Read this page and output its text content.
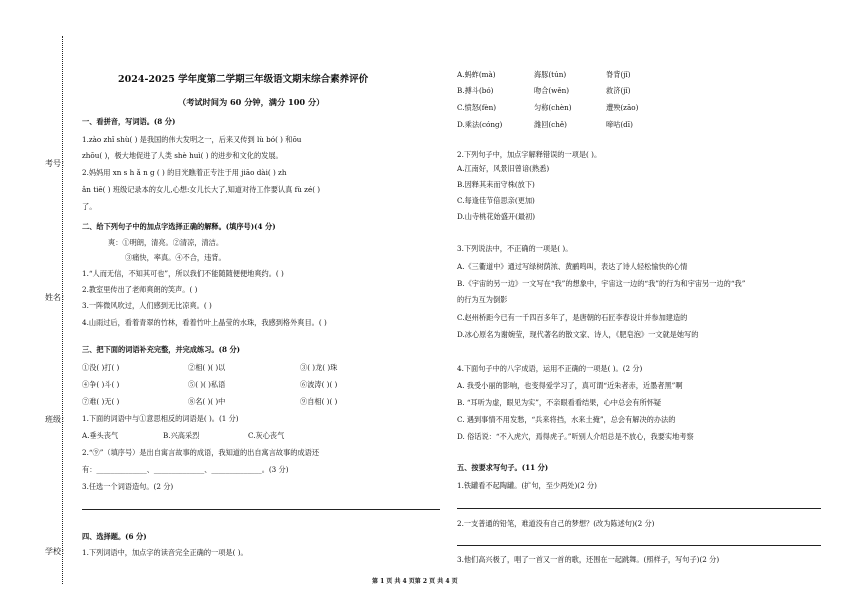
考号：
姓名：
班级：
学校：
2024-2025 学年度第二学期三年级语文期末综合素养评价
（考试时间为 60 分钟，满分 100 分）
一、看拼音，写词语。(8 分)
1.zào zhǐ shù( ) 是我国的伟大发明之一，后来又传到 lù bó( ) 和ōu
zhōu( )，极大地促进了人类 shè huì( ) 的进步和文化的发展。
2.妈妈用 xn s h ǎ n g ( ) 的目光瞧着正专注于用 jiāo dài( ) zh
ǎn tiē( ) 班级记录本的女儿,心想:女儿长大了,知道对待工作要认真 fù zé( )
了。
二、给下列句子中的加点字选择正确的解释。(填序号)(4 分)
爽：①明朗，清亮。②清凉，清洁。
③痛快，率真。④不合，违背。
1.“人而无信，不知其可也”，所以我们不能随随便便地爽约。( )
2.教室里传出了老师爽朗的笑声。( )
3.一阵微风吹过，人们感到无比凉爽。( )
4.山雨过后，看着青翠的竹林，看着竹叶上晶莹的水珠，我感到格外爽目。( )
三、把下面的词语补充完整，并完成练习。(8 分)
①没( )打( )	②相( )( )以	③( )龙( )珠
④争( )斗( )	⑤( )( )私语	⑥波涛( )( )
⑦难( )无( )	⑧名( )( )中	⑨自相( )( )
1.下面的词语中与①意思相反的词语是( )。(1 分)
A.垂头丧气	B.兴高采烈	C.灰心丧气
2.“⑨”（填序号）是出自寓言故事的成语，我知道的出自寓言故事的成语还
有：______________、______________、______________。(3 分)
3.任选一个词语造句。(2 分)
四、选择题。(6 分)
1.下列词语中，加点字的读音完全正确的一项是( )。
A.蚂蚱(mà)	海豚(tún)	脊背(jǐ)
B.搏斗(bó)	吻合(wěn)	救济(jǐ)
C.愤怒(fèn)	匀称(chèn)	遭殃(zāo)
D.乘法(cónɡ)	潍回(chě)	啼咕(dī)
2.下列句子中，加点字解释错误的一项是( )。
A.江南好，风景旧曾谙(熟悉)
B.因释其耒而守株(放下)
C.每逢佳节倍思亲(更加)
D.山寺桃花始盛开(最初)
3.下列说法中，不正确的一项是( )。
A.《三衢道中》通过写绿树荫浓、黄鹂鸣叫，表达了诗人轻松愉快的心情
B.《宇宙的另一边》一文写在“我”的想象中，宇宙这一边的“我”的行为和宇宙另一边的“我”
的行为互为倒影
C.赵州桥距今已有一千四百多年了，是唐朝的石匠李春设计并参加建造的
D.冰心原名为谢婉莹，现代著名的散文家、诗人，《肥皂泡》一文就是她写的
4.下面句子中的八字成语，运用不正确的一项是( )。(2 分)
A. 我受小丽的影响，也变得爱学习了，真可谓“近朱者赤，近墨者黑”啊
B. “耳听为虚，眼见为实”，不亲眼看看结果，心中总会有所怀疑
C. 遇到事情不用发愁，“兵来将挡，水来土掩”，总会有解决的办法的
D. 俗话说：“不入虎穴，焉得虎子。”听别人介绍总是不放心，我要实地考察
五、按要求写句子。(11 分)
1.铁罐看不起陶罐。(扩句，至少两处)(2 分)
2.一支普通的铅笔，难道没有自己的梦想？(改为陈述句)(2 分)
3.他们高兴极了，唱了一首又一首的歌，还围在一起跳舞。(照样子，写句子)(2 分)
第 1 页 共 4 页第 2 页 共 4 页
